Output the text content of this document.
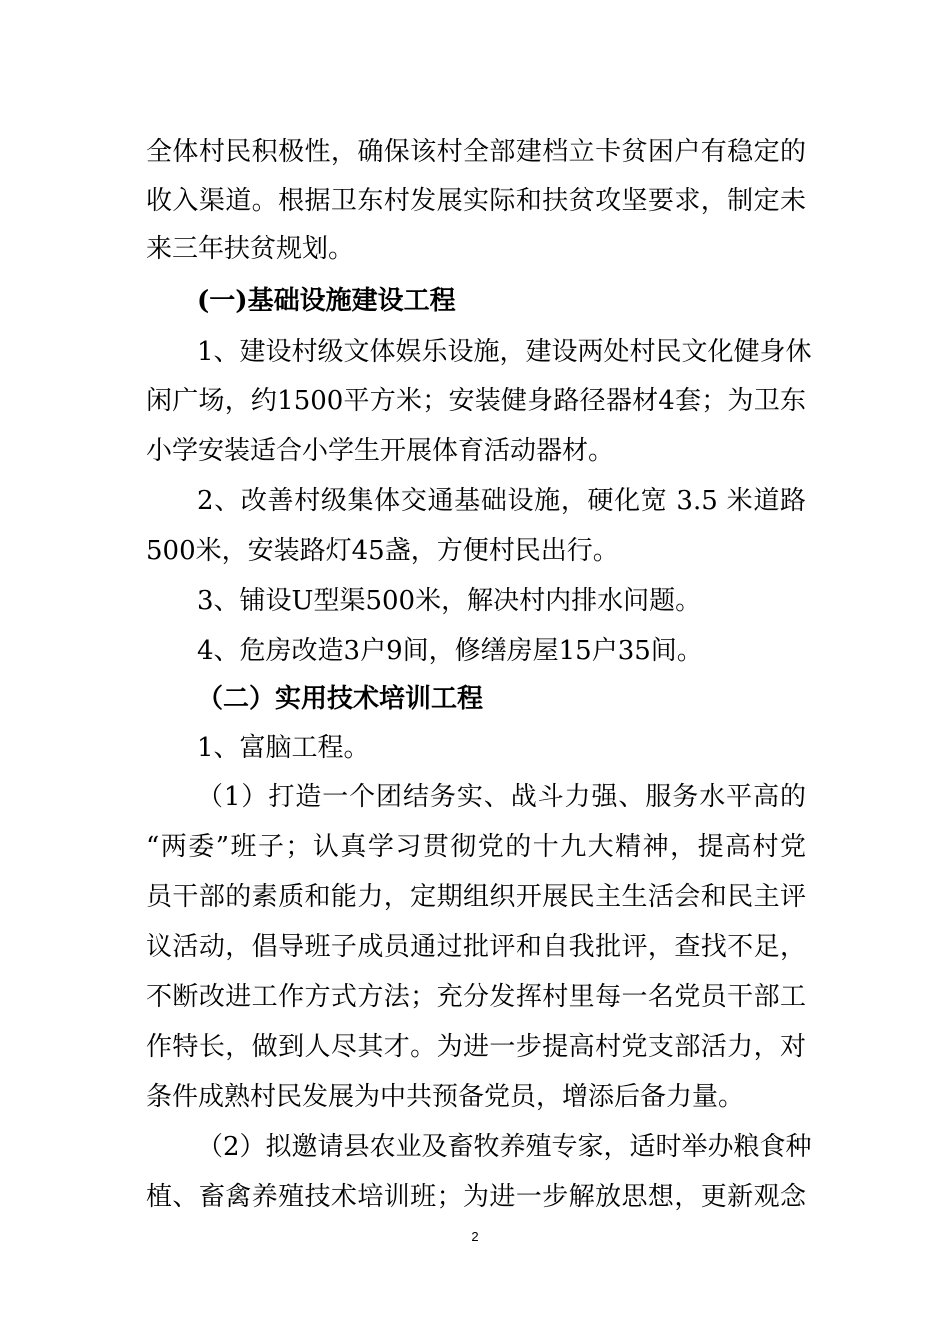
全体村民积极性，确保该村全部建档立卡贫困户有稳定的
收入渠道。根据卫东村发展实际和扶贫攻坚要求，制定未
来三年扶贫规划。
(一)基础设施建设工程
1、建设村级文体娱乐设施，建设两处村民文化健身休
闲广场，约1500平方米；安装健身路径器材4套；为卫东
小学安装适合小学生开展体育活动器材。
2、改善村级集体交通基础设施，硬化宽 3.5 米道路
500米，安装路灯45盏，方便村民出行。
3、铺设U型渠500米，解决村内排水问题。
4、危房改造3户9间，修缮房屋15户35间。
（二）实用技术培训工程
1、富脑工程。
（1）打造一个团结务实、战斗力强、服务水平高的
“两委”班子；认真学习贯彻党的十九大精神，提高村党
员干部的素质和能力，定期组织开展民主生活会和民主评
议活动，倡导班子成员通过批评和自我批评，查找不足，
不断改进工作方式方法；充分发挥村里每一名党员干部工
作特长，做到人尽其才。为进一步提高村党支部活力，对
条件成熟村民发展为中共预备党员，增添后备力量。
（2）拟邀请县农业及畜牧养殖专家，适时举办粮食种
植、畜禽养殖技术培训班；为进一步解放思想，更新观念
2
